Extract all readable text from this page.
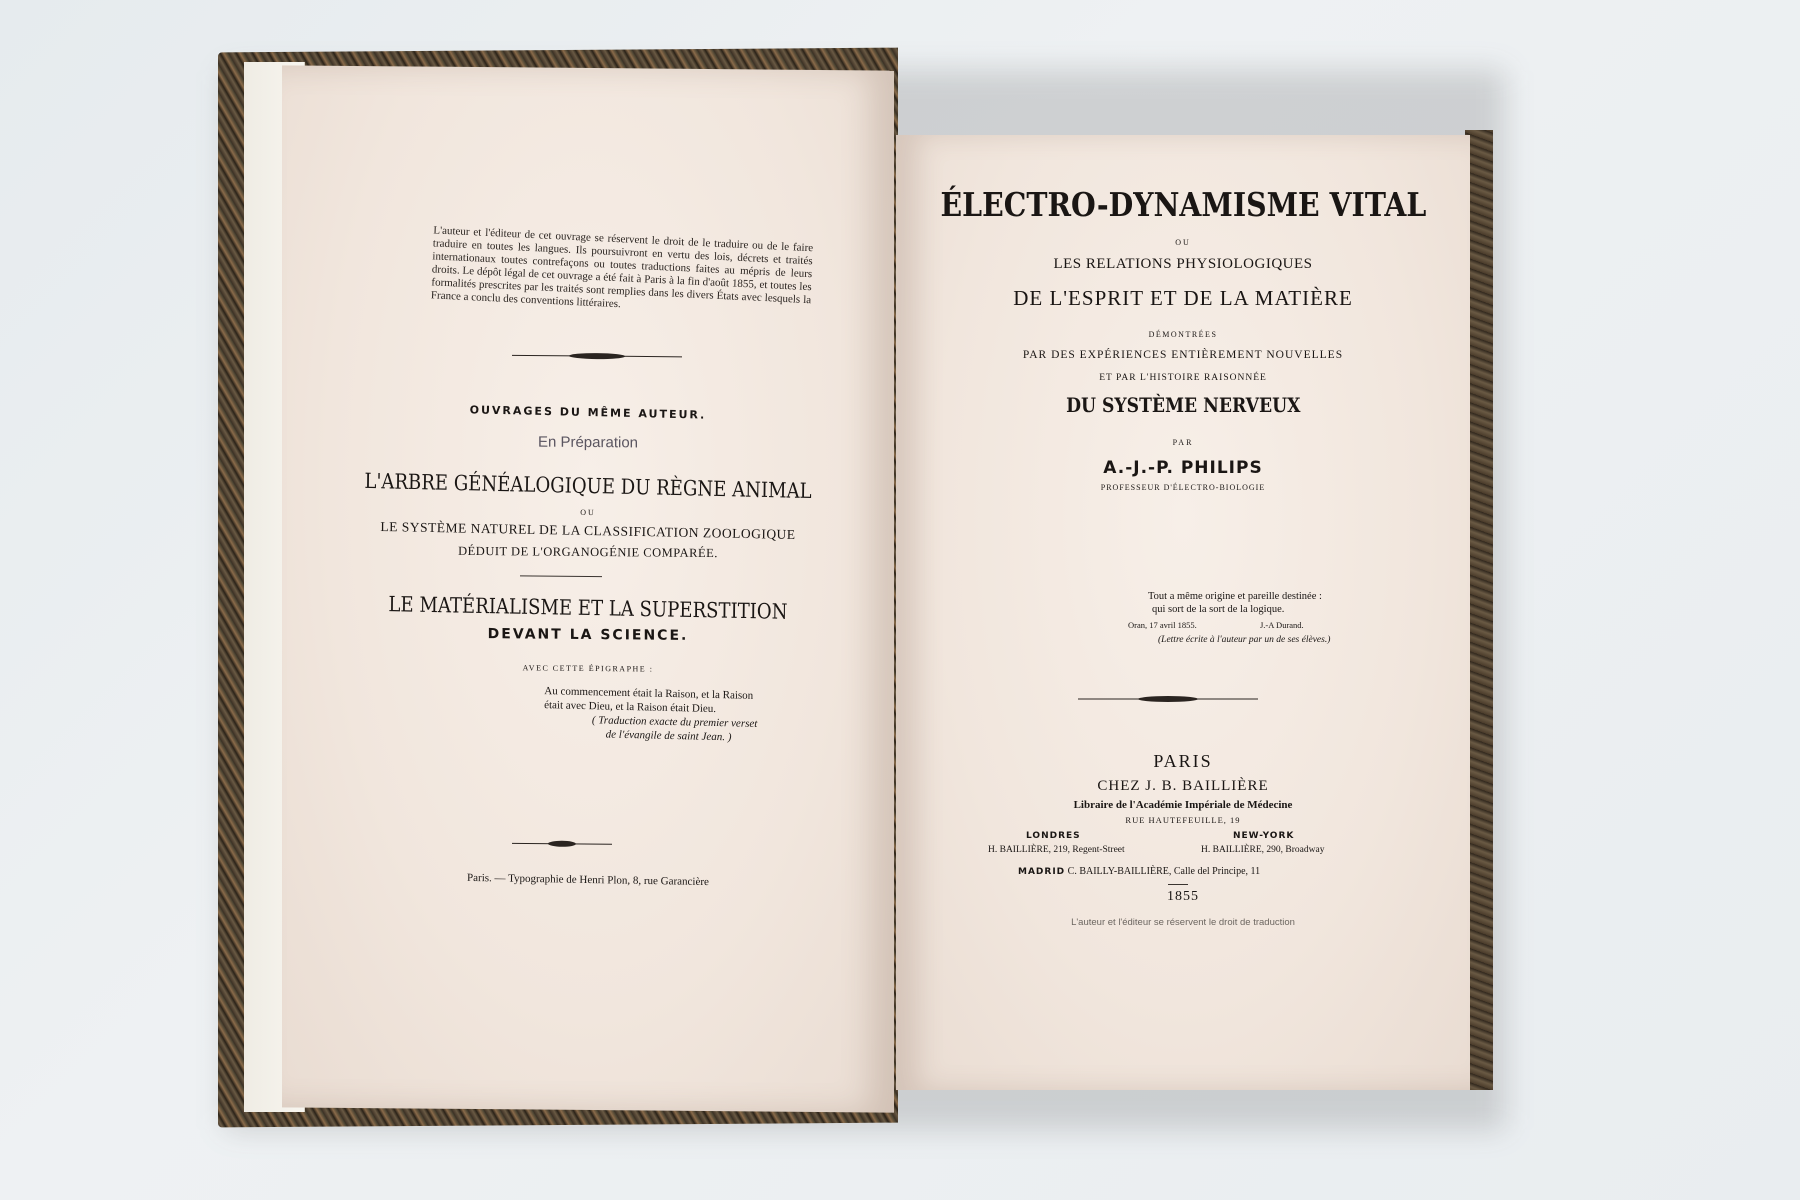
L'auteur et l'éditeur de cet ouvrage se réservent le droit de le traduire ou de le faire traduire en toutes les langues. Ils poursuivront en vertu des lois, décrets et traités internationaux toutes contrefaçons ou toutes traductions faites au mépris de leurs droits. Le dépôt légal de cet ouvrage a été fait à Paris à la fin d'août 1855, et toutes les formalités prescrites par les traités sont remplies dans les divers États avec lesquels la France a conclu des conventions littéraires.
OUVRAGES DU MÊME AUTEUR.
En Préparation
L'ARBRE GÉNÉALOGIQUE DU RÈGNE ANIMAL
OU
LE SYSTÈME NATUREL DE LA CLASSIFICATION ZOOLOGIQUE
DÉDUIT DE L'ORGANOGÉNIE COMPARÉE.
LE MATÉRIALISME ET LA SUPERSTITION
DEVANT LA SCIENCE.
AVEC CETTE ÉPIGRAPHE :
Au commencement était la Raison, et la Raison
était avec Dieu, et la Raison était Dieu.
( Traduction exacte du premier verset
de l'évangile de saint Jean. )
Paris. — Typographie de Henri Plon, 8, rue Garancière
ÉLECTRO-DYNAMISME VITAL
OU
LES RELATIONS PHYSIOLOGIQUES
DE L'ESPRIT ET DE LA MATIÈRE
DÉMONTRÉES
PAR DES EXPÉRIENCES ENTIÈREMENT NOUVELLES
ET PAR L'HISTOIRE RAISONNÉE
DU SYSTÈME NERVEUX
PAR
A.-J.-P. PHILIPS
PROFESSEUR D'ÉLECTRO-BIOLOGIE
Tout a même origine et pareille destinée :
qui sort de la sort de la logique.
Oran, 17 avril 1855.	J.-A Durand.
(Lettre écrite à l'auteur par un de ses élèves.)
PARIS
CHEZ J. B. BAILLIÈRE
Libraire de l'Académie Impériale de Médecine
RUE HAUTEFEUILLE, 19
LONDRES
H. BAILLIÈRE, 219, Regent-Street
NEW-YORK
H. BAILLIÈRE, 290, Broadway
MADRID C. BAILLY-BAILLIÈRE, Calle del Principe, 11
1855
L'auteur et l'éditeur se réservent le droit de traduction
